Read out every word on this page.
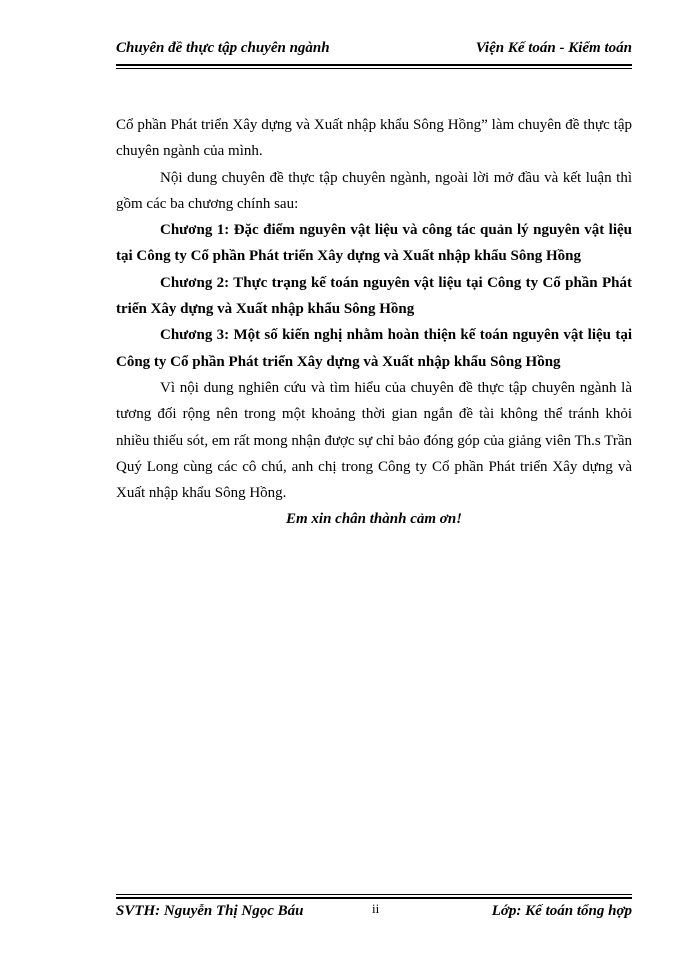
Chuyên đề thực tập chuyên ngành	Viện Kế toán - Kiểm toán

Cổ phần Phát triển Xây dựng và Xuất nhập khẩu Sông Hồng” làm chuyên đề thực tập chuyên ngành của mình.

Nội dung chuyên đề thực tập chuyên ngành, ngoài lời mở đầu và kết luận thì gồm các ba chương chính sau:

Chương 1: Đặc điểm nguyên vật liệu và công tác quản lý nguyên vật liệu tại Công ty Cổ phần Phát triển Xây dựng và Xuất nhập khẩu Sông Hồng

Chương 2: Thực trạng kế toán nguyên vật liệu tại Công ty Cổ phần Phát triển Xây dựng và Xuất nhập khẩu Sông Hồng

Chương 3: Một số kiến nghị nhằm hoàn thiện kế toán nguyên vật liệu tại Công ty Cổ phần Phát triển Xây dựng và Xuất nhập khẩu Sông Hồng

Vì nội dung nghiên cứu và tìm hiểu của chuyên đề thực tập chuyên ngành là tương đối rộng nên trong một khoảng thời gian ngắn đề tài không thể tránh khỏi nhiều thiếu sót, em rất mong nhận được sự chỉ bảo đóng góp của giảng viên Th.s Trần Quý Long cùng các cô chú, anh chị trong Công ty Cổ phần Phát triển Xây dựng và Xuất nhập khẩu Sông Hồng.

Em xin chân thành cảm ơn!

SVTH: Nguyễn Thị Ngọc Báu	ii	Lớp: Kế toán tổng hợp
